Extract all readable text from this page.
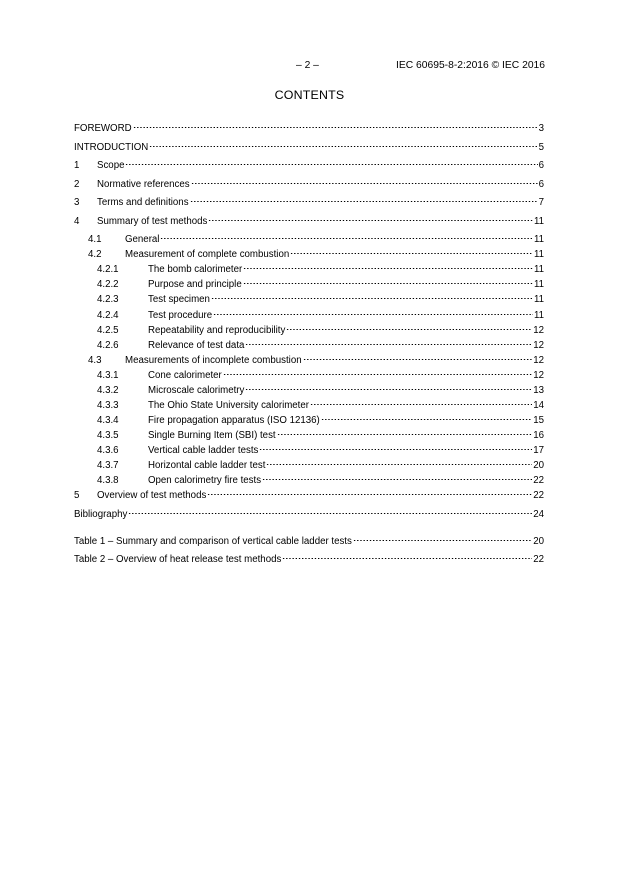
– 2 –	IEC 60695-8-2:2016 © IEC 2016
CONTENTS
FOREWORD	3
INTRODUCTION	5
1	Scope	6
2	Normative references	6
3	Terms and definitions	7
4	Summary of test methods	11
4.1	General	11
4.2	Measurement of complete combustion	11
4.2.1	The bomb calorimeter	11
4.2.2	Purpose and principle	11
4.2.3	Test specimen	11
4.2.4	Test procedure	11
4.2.5	Repeatability and reproducibility	12
4.2.6	Relevance of test data	12
4.3	Measurements of incomplete combustion	12
4.3.1	Cone calorimeter	12
4.3.2	Microscale calorimetry	13
4.3.3	The Ohio State University calorimeter	14
4.3.4	Fire propagation apparatus (ISO 12136)	15
4.3.5	Single Burning Item (SBI) test	16
4.3.6	Vertical cable ladder tests	17
4.3.7	Horizontal cable ladder test	20
4.3.8	Open calorimetry fire tests	22
5	Overview of test methods	22
Bibliography	24
Table 1 – Summary and comparison of vertical cable ladder tests	20
Table 2 – Overview of heat release test methods	22
